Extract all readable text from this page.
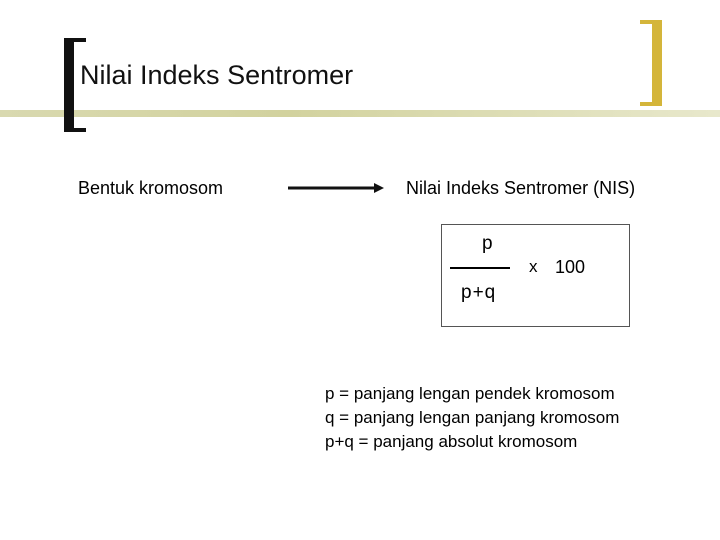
Nilai Indeks Sentromer
Bentuk kromosom	Nilai Indeks Sentromer (NIS)
p
p+q
x 100
p = panjang lengan pendek kromosom
q = panjang lengan panjang kromosom
p+q = panjang absolut kromosom
